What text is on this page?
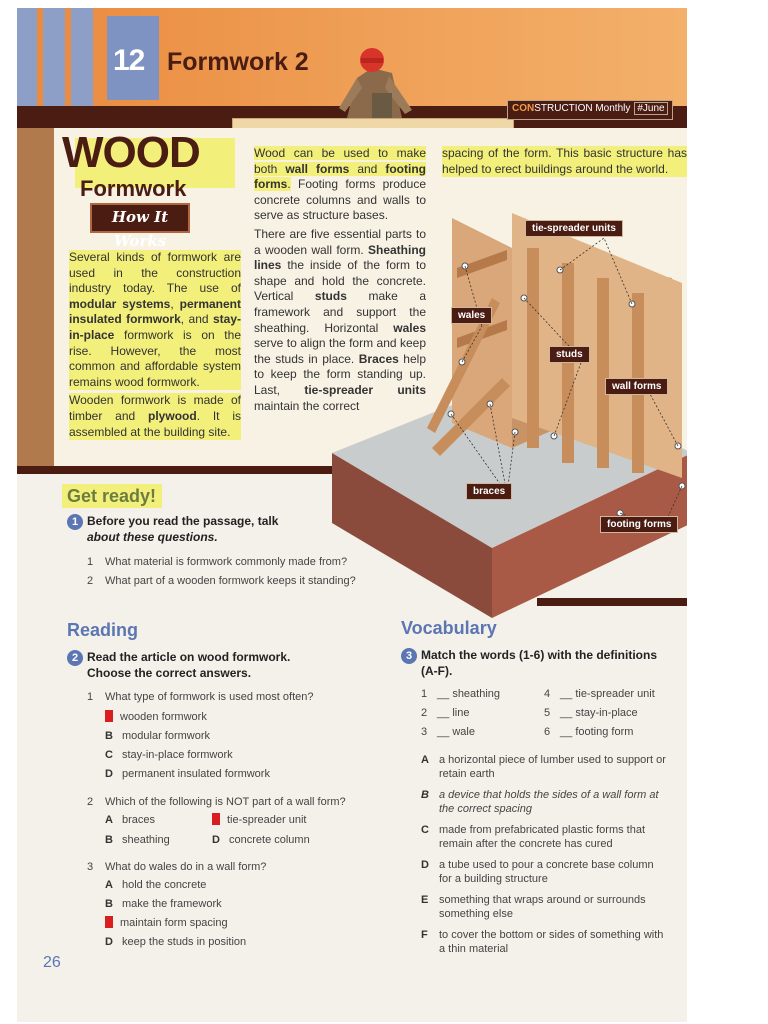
12 Formwork 2
CONSTRUCTION Monthly #June
WOOD
Formwork
How It Works

Several kinds of formwork are used in the construction industry today. The use of modular systems, permanent insulated formwork, and stay-in-place formwork is on the rise. However, the most common and affordable system remains wood formwork.

Wooden formwork is made of timber and plywood. It is assembled at the building site.

Wood can be used to make both wall forms and footing forms. Footing forms produce concrete columns and walls to serve as structure bases.

There are five essential parts to a wooden wall form. Sheathing lines the inside of the form to shape and hold the concrete. Vertical studs make a framework and support the sheathing. Horizontal wales serve to align the form and keep the studs in place. Braces help to keep the form standing up. Last, tie-spreader units maintain the correct

spacing of the form. This basic structure has helped to erect buildings around the world.

tie-spreader units
wales
studs
wall forms
braces
footing forms
Get ready!
1 Before you read the passage, talk
about these questions.
1	What material is formwork commonly made from?
2	What part of a wooden formwork keeps it standing?
Reading
2 Read the article on wood formwork.
Choose the correct answers.
1	What type of formwork is used most often?
wooden formwork
B modular formwork
C stay-in-place formwork
D permanent insulated formwork
2	Which of the following is NOT part of a wall form?
A braces
B sheathing
tie-spreader unit
D concrete column
3	What do wales do in a wall form?
A hold the concrete
B make the framework
maintain form spacing
D keep the studs in position
Vocabulary
3 Match the words (1-6) with the definitions
(A-F).
1 __ sheathing
2 __ line
3 __ wale
4 __ tie-spreader unit
5 __ stay-in-place
6 __ footing form
A a horizontal piece of lumber used to support or retain earth
B a device that holds the sides of a wall form at the correct spacing
C made from prefabricated plastic forms that remain after the concrete has cured
D a tube used to pour a concrete base column for a building structure
E something that wraps around or surrounds something else
F to cover the bottom or sides of something with a thin material
26
